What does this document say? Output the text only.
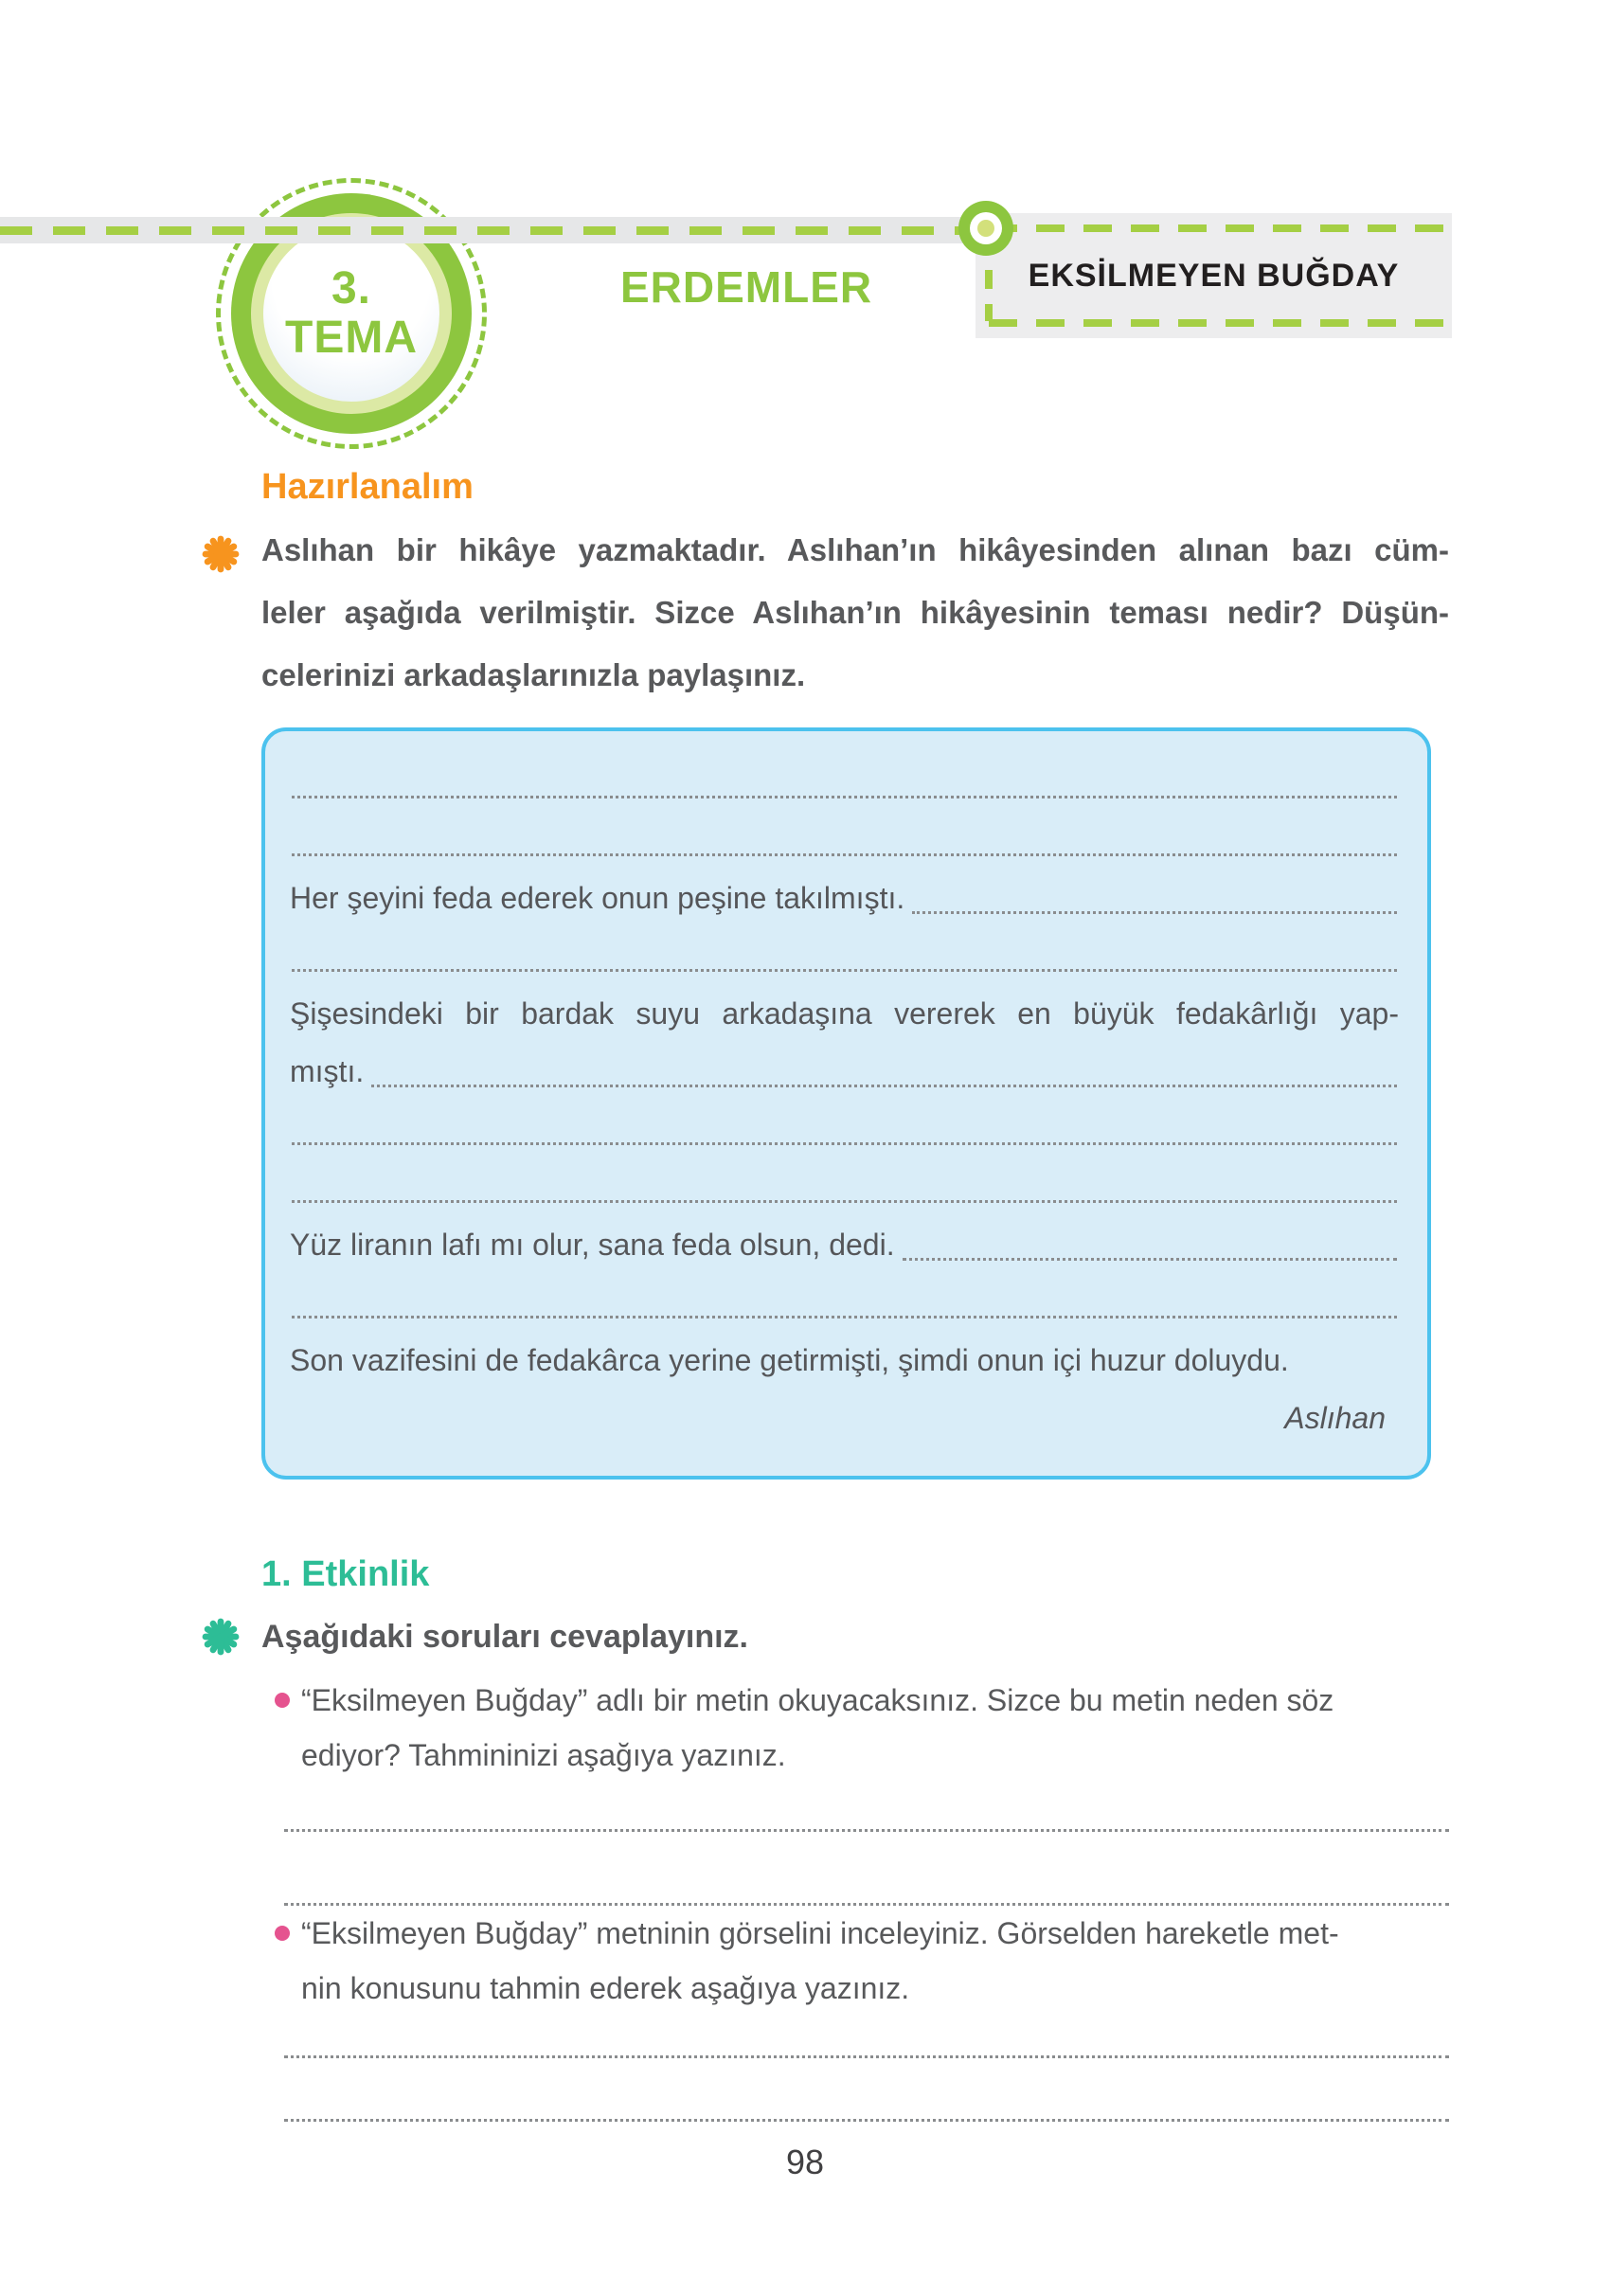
3.
TEMA
ERDEMLER	EKSİLMEYEN BUĞDAY
Hazırlanalım
Aslıhan bir hikâye yazmaktadır. Aslıhan’ın hikâyesinden alınan bazı cüm-
leler aşağıda verilmiştir. Sizce Aslıhan’ın hikâyesinin teması nedir? Düşün-
celerinizi arkadaşlarınızla paylaşınız.
Her şeyini feda ederek onun peşine takılmıştı.
Şişesindeki bir bardak suyu arkadaşına vererek en büyük fedakârlığı yap-
mıştı.
Yüz liranın lafı mı olur, sana feda olsun, dedi.
Son vazifesini de fedakârca yerine getirmişti, şimdi onun içi huzur doluydu.
Aslıhan
1. Etkinlik
Aşağıdaki soruları cevaplayınız.
“Eksilmeyen Buğday” adlı bir metin okuyacaksınız. Sizce bu metin neden söz
ediyor? Tahmininizi aşağıya yazınız.
“Eksilmeyen Buğday” metninin görselini inceleyiniz. Görselden hareketle met-
nin konusunu tahmin ederek aşağıya yazınız.
98
